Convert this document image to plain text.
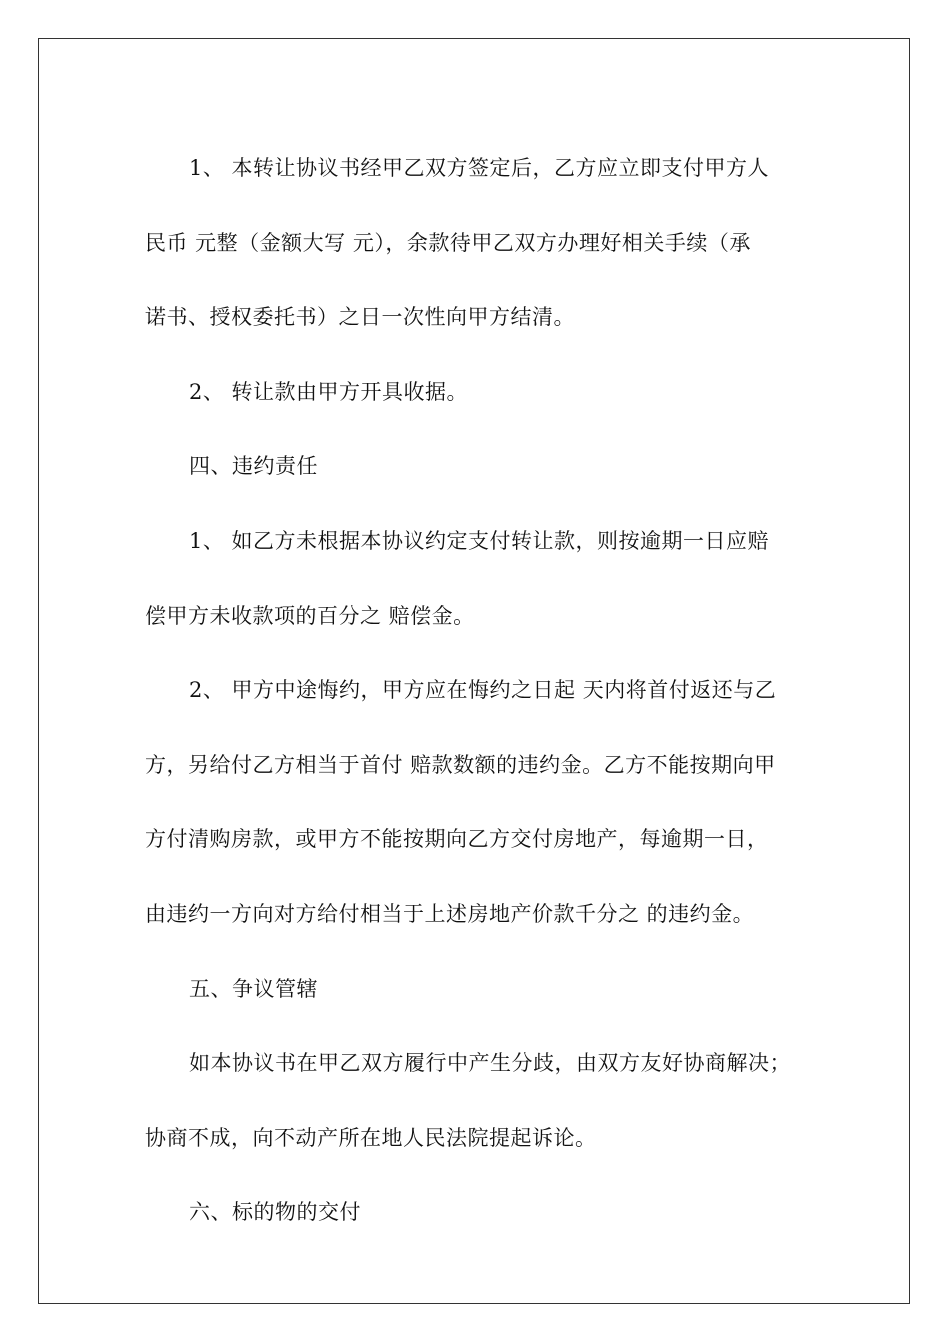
1、 本转让协议书经甲乙双方签定后，乙方应立即支付甲方人
民币 元整（金额大写 元），余款待甲乙双方办理好相关手续（承
诺书、授权委托书）之日一次性向甲方结清。
2、 转让款由甲方开具收据。
四、违约责任
1、 如乙方未根据本协议约定支付转让款，则按逾期一日应赔
偿甲方未收款项的百分之 赔偿金。
2、 甲方中途悔约，甲方应在悔约之日起 天内将首付返还与乙
方，另给付乙方相当于首付 赔款数额的违约金。乙方不能按期向甲
方付清购房款，或甲方不能按期向乙方交付房地产，每逾期一日，
由违约一方向对方给付相当于上述房地产价款千分之 的违约金。
五、争议管辖
如本协议书在甲乙双方履行中产生分歧，由双方友好协商解决；
协商不成，向不动产所在地人民法院提起诉论。
六、标的物的交付
